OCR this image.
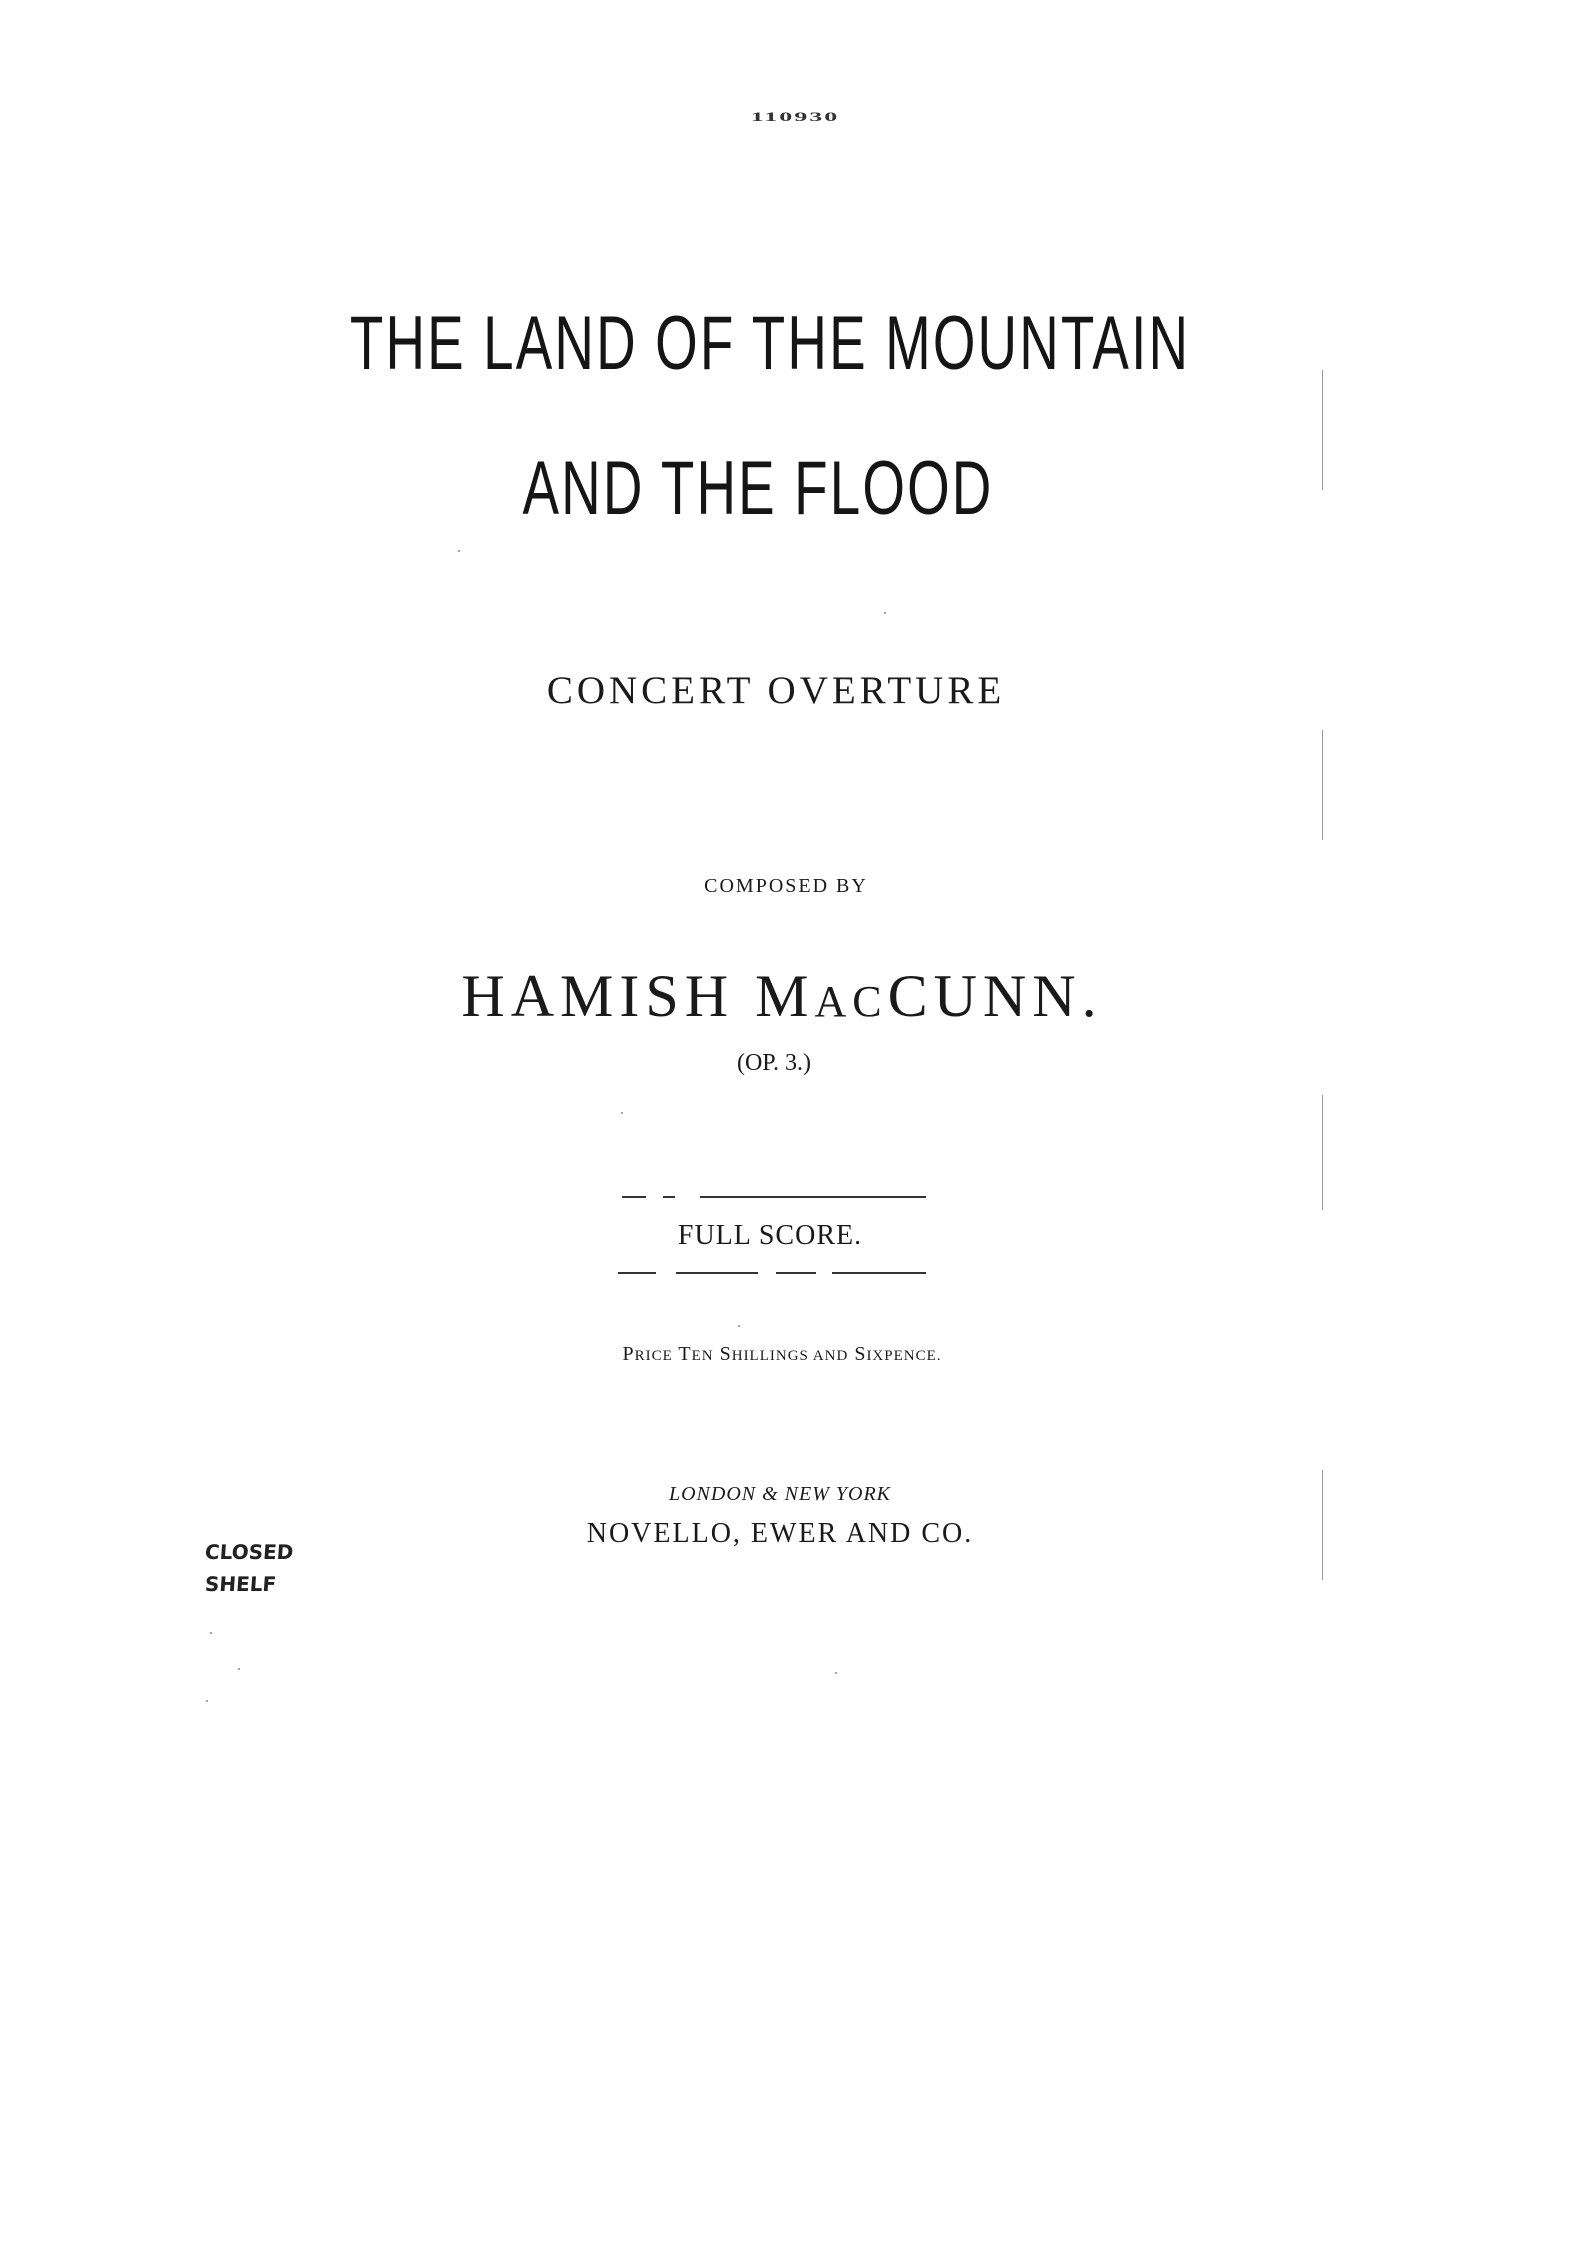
110930
THE LAND OF THE MOUNTAIN
AND THE FLOOD
CONCERT OVERTURE
COMPOSED BY
HAMISH MACCUNN.
(OP. 3.)
FULL SCORE.
PRICE TEN SHILLINGS AND SIXPENCE.
LONDON & NEW YORK
NOVELLO, EWER AND CO.
CLOSED
SHELF
